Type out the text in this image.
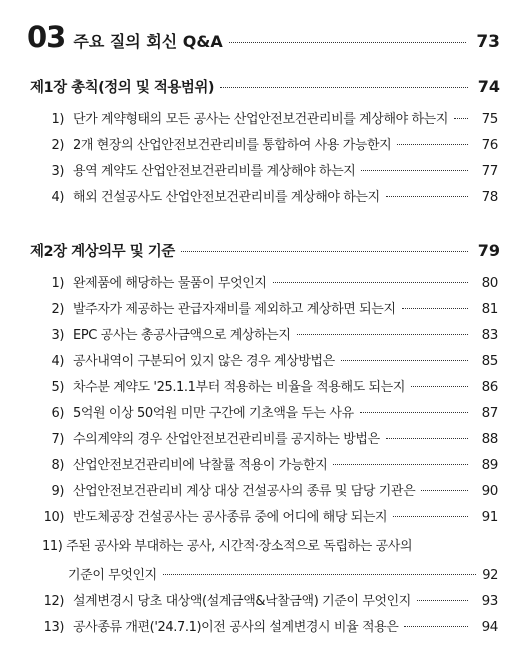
03 주요 질의 회신 Q&A	73
제1장 총칙(정의 및 적용범위)	74
1) 단가 계약형태의 모든 공사는 산업안전보건관리비를 계상해야 하는지	75
2) 2개 현장의 산업안전보건관리비를 통합하여 사용 가능한지	76
3) 용역 계약도 산업안전보건관리비를 계상해야 하는지	77
4) 해외 건설공사도 산업안전보건관리비를 계상해야 하는지	78
제2장 계상의무 및 기준	79
1) 완제품에 해당하는 물품이 무엇인지	80
2) 발주자가 제공하는 관급자재비를 제외하고 계상하면 되는지	81
3) EPC 공사는 총공사금액으로 계상하는지	83
4) 공사내역이 구분되어 있지 않은 경우 계상방법은	85
5) 차수분 계약도 '25.1.1부터 적용하는 비율을 적용해도 되는지	86
6) 5억원 이상 50억원 미만 구간에 기초액을 두는 사유	87
7) 수의계약의 경우 산업안전보건관리비를 공지하는 방법은	88
8) 산업안전보건관리비에 낙찰률 적용이 가능한지	89
9) 산업안전보건관리비 계상 대상 건설공사의 종류 및 담당 기관은	90
10) 반도체공장 건설공사는 공사종류 중에 어디에 해당 되는지	91
11) 주된 공사와 부대하는 공사, 시간적·장소적으로 독립하는 공사의
기준이 무엇인지	92
12) 설계변경시 당초 대상액(설계금액&낙찰금액) 기준이 무엇인지	93
13) 공사종류 개편('24.7.1)이전 공사의 설계변경시 비율 적용은	94
